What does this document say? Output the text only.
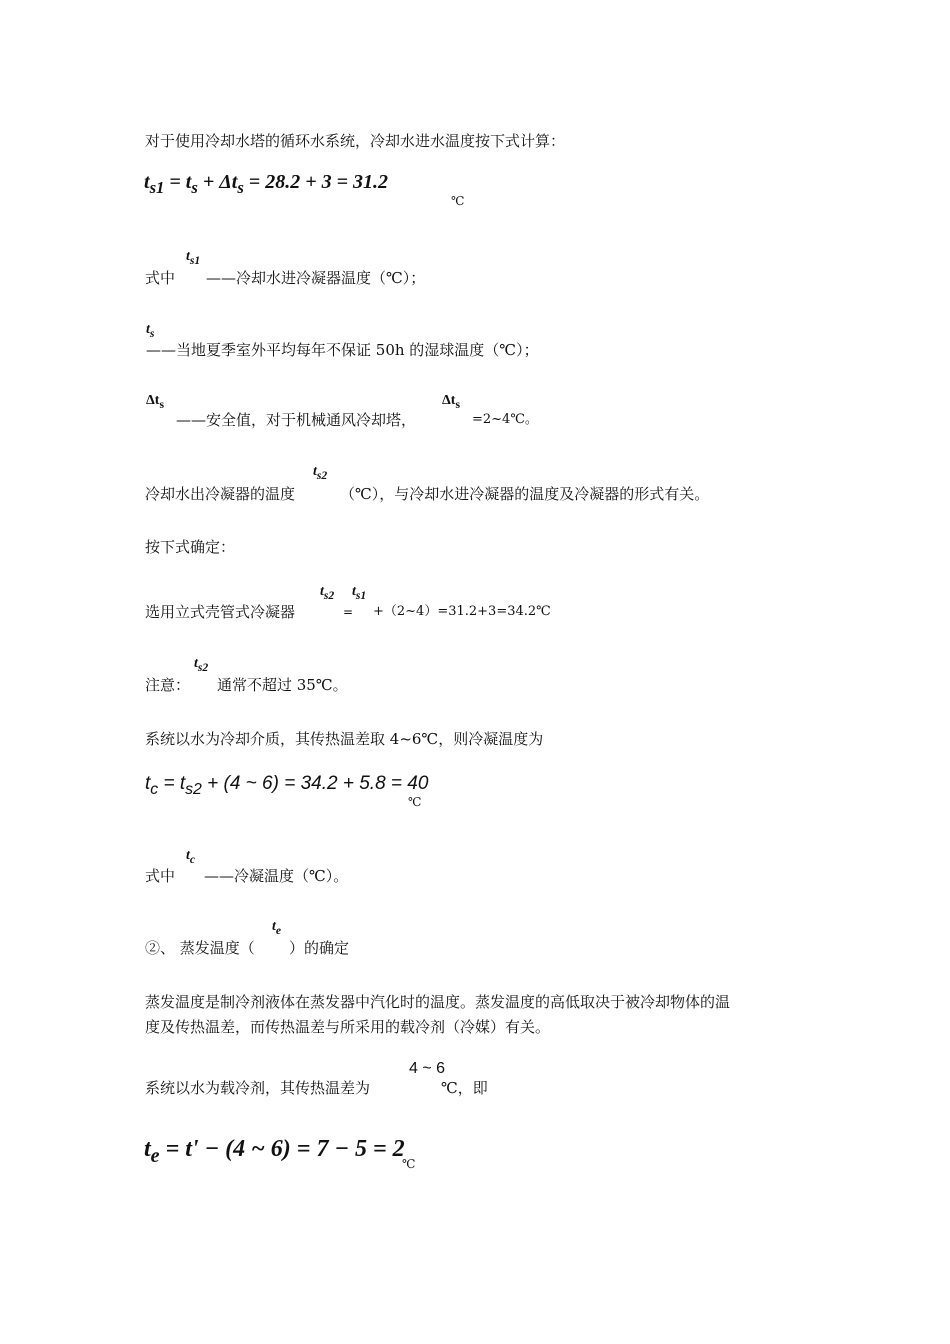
对于使用冷却水塔的循环水系统，冷却水进水温度按下式计算：
$t_{s1} = t_s + \Delta t_s = 28.2 + 3 = 31.2$
℃
$t_{s1}$
式中 ——冷却水进冷凝器温度（℃）；
$t_s$
——当地夏季室外平均每年不保证 50h 的湿球温度（℃）；
$\Delta t_s$
——安全值，对于机械通风冷却塔，
$\Delta t_s$
=2~4℃。
冷却水出冷凝器的温度
$t_{s2}$
（℃），与冷却水进冷凝器的温度及冷凝器的形式有关。
按下式确定：
选用立式壳管式冷凝器
$t_{s2}$
=
$t_{s1}$
+（2~4）=31.2+3=34.2℃
注意：
$t_{s2}$
通常不超过 35℃。
系统以水为冷却介质，其传热温差取 4~6℃，则冷凝温度为
$t_c = t_{s2} + (4$ ~ 6) = 34.2 + 5.8 = 40
℃
$t_c$
式中 ——冷凝温度（℃）。
②、 蒸发温度（
$t_e$
）的确定
蒸发温度是制冷剂液体在蒸发器中汽化时的温度。蒸发温度的高低取决于被冷却物体的温
度及传热温差，而传热温差与所采用的载冷剂（冷媒）有关。
4 ~ 6
系统以水为载冷剂，其传热温差为	℃，即
$t_e = t' - (4$ ~ 6) = 7 − 5 = 2
℃
